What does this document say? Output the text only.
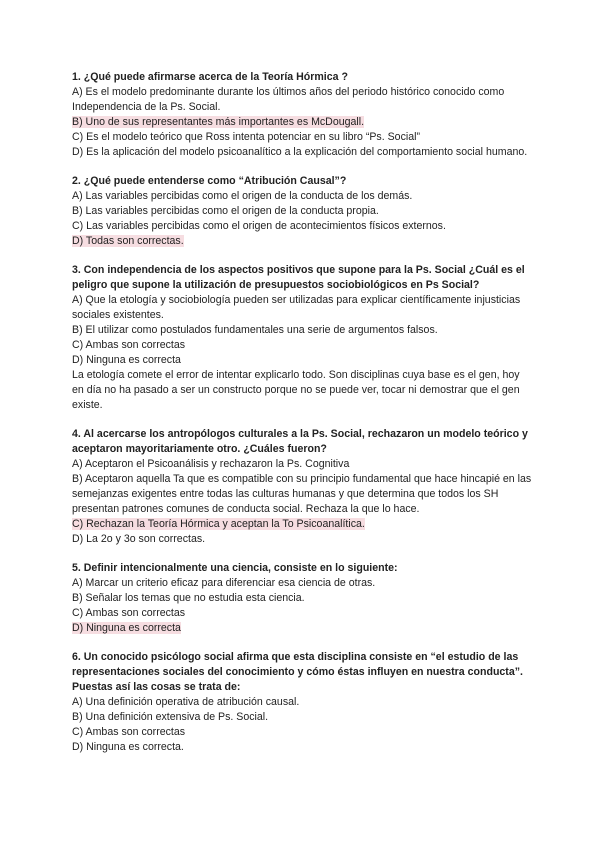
1. ¿Qué puede afirmarse acerca de la Teoría Hórmica ?
A) Es el modelo predominante durante los últimos años del periodo histórico conocido como Independencia de la Ps. Social.
B) Uno de sus representantes más importantes es McDougall.
C) Es el modelo teórico que Ross intenta potenciar en su libro “Ps. Social”
D) Es la aplicación del modelo psicoanalítico a la explicación del comportamiento social humano.
2. ¿Qué puede entenderse como “Atribución Causal”?
A) Las variables percibidas como el origen de la conducta de los demás.
B) Las variables percibidas como el origen de la conducta propia.
C) Las variables percibidas como el origen de acontecimientos físicos externos.
D) Todas son correctas.
3. Con independencia de los aspectos positivos que supone para la Ps. Social ¿Cuál es el peligro que supone la utilización de presupuestos sociobiológicos en Ps Social?
A) Que la etología y sociobiología pueden ser utilizadas para explicar científicamente injusticias sociales existentes.
B) El utilizar como postulados fundamentales una serie de argumentos falsos.
C) Ambas son correctas
D) Ninguna es correcta
La etología comete el error de intentar explicarlo todo. Son disciplinas cuya base es el gen, hoy en día no ha pasado a ser un constructo porque no se puede ver, tocar ni demostrar que el gen existe.
4. Al acercarse los antropólogos culturales a la Ps. Social, rechazaron un modelo teórico y aceptaron mayoritariamente otro. ¿Cuáles fueron?
A) Aceptaron el Psicoanálisis y rechazaron la Ps. Cognitiva
B) Aceptaron aquella Ta que es compatible con su principio fundamental que hace hincapié en las semejanzas exigentes entre todas las culturas humanas y que determina que todos los SH presentan patrones comunes de conducta social. Rechaza la que lo hace.
C) Rechazan la Teoría Hórmica y aceptan la To Psicoanalítica.
D) La 2o y 3o son correctas.
5. Definir intencionalmente una ciencia, consiste en lo siguiente:
A) Marcar un criterio eficaz para diferenciar esa ciencia de otras.
B) Señalar los temas que no estudia esta ciencia.
C) Ambas son correctas
D) Ninguna es correcta
6. Un conocido psicólogo social afirma que esta disciplina consiste en “el estudio de las representaciones sociales del conocimiento y cómo éstas influyen en nuestra conducta”. Puestas así las cosas se trata de:
A) Una definición operativa de atribución causal.
B) Una definición extensiva de Ps. Social.
C) Ambas son correctas
D) Ninguna es correcta.
